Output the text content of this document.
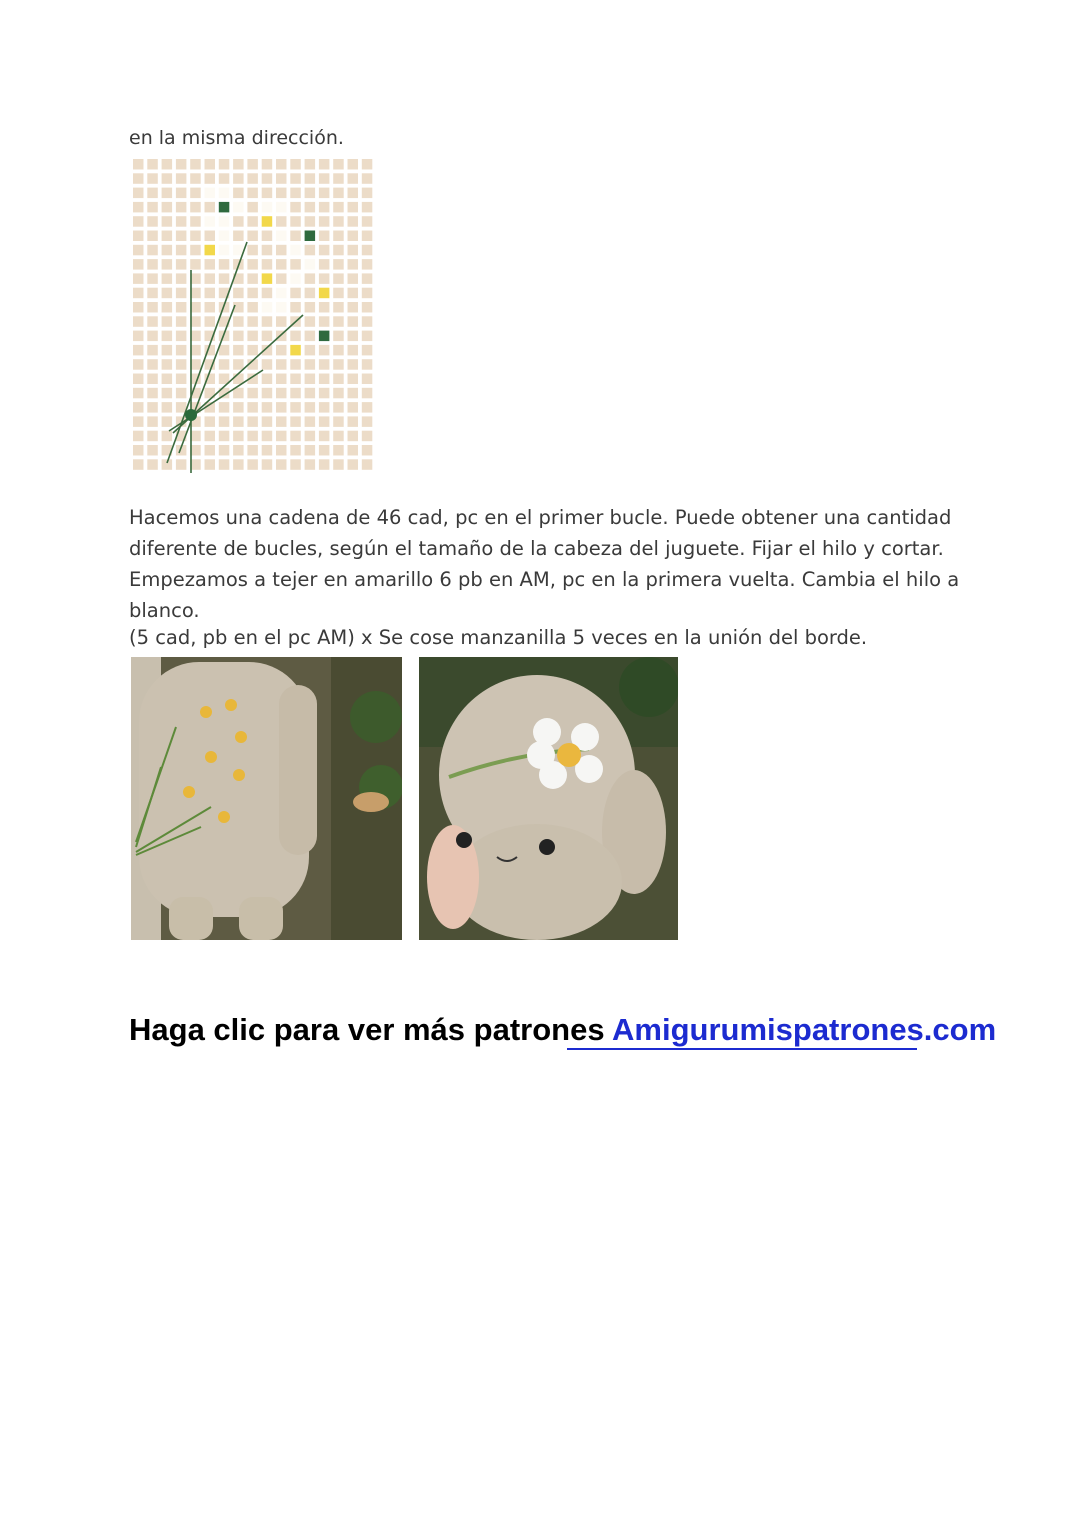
en la misma dirección.

Hacemos una cadena de 46 cad, pc en el primer bucle. Puede obtener una cantidad diferente de bucles, según el tamaño de la cabeza del juguete. Fijar el hilo y cortar.

Empezamos a tejer en amarillo 6 pb en AM, pc en la primera vuelta. Cambia el hilo a blanco.

(5 cad, pb en el pc AM) x Se cose manzanilla 5 veces en la unión del borde.

Haga clic para ver más patrones Amigurumispatrones.com
